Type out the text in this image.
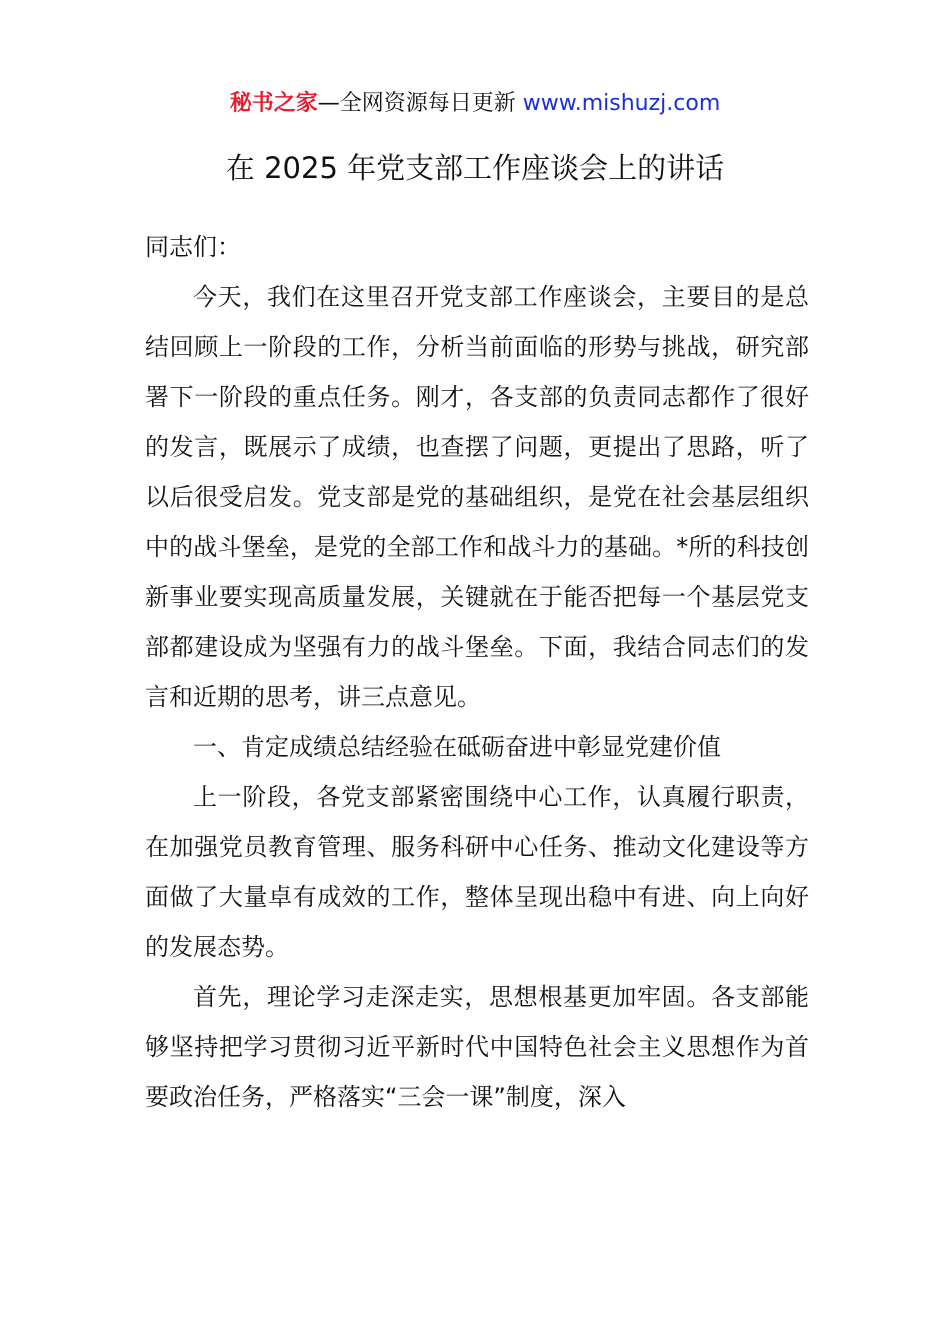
秘书之家—全网资源每日更新 www.mishuzj.com
在 2025 年党支部工作座谈会上的讲话

同志们：

今天，我们在这里召开党支部工作座谈会，主要目的是总结回顾上一阶段的工作，分析当前面临的形势与挑战，研究部署下一阶段的重点任务。刚才，各支部的负责同志都作了很好的发言，既展示了成绩，也查摆了问题，更提出了思路，听了以后很受启发。党支部是党的基础组织，是党在社会基层组织中的战斗堡垒，是党的全部工作和战斗力的基础。*所的科技创新事业要实现高质量发展，关键就在于能否把每一个基层党支部都建设成为坚强有力的战斗堡垒。下面，我结合同志们的发言和近期的思考，讲三点意见。

一、肯定成绩总结经验在砥砺奋进中彰显党建价值

上一阶段，各党支部紧密围绕中心工作，认真履行职责，在加强党员教育管理、服务科研中心任务、推动文化建设等方面做了大量卓有成效的工作，整体呈现出稳中有进、向上向好的发展态势。

首先，理论学习走深走实，思想根基更加牢固。各支部能够坚持把学习贯彻习近平新时代中国特色社会主义思想作为首要政治任务，严格落实“三会一课”制度，深入
